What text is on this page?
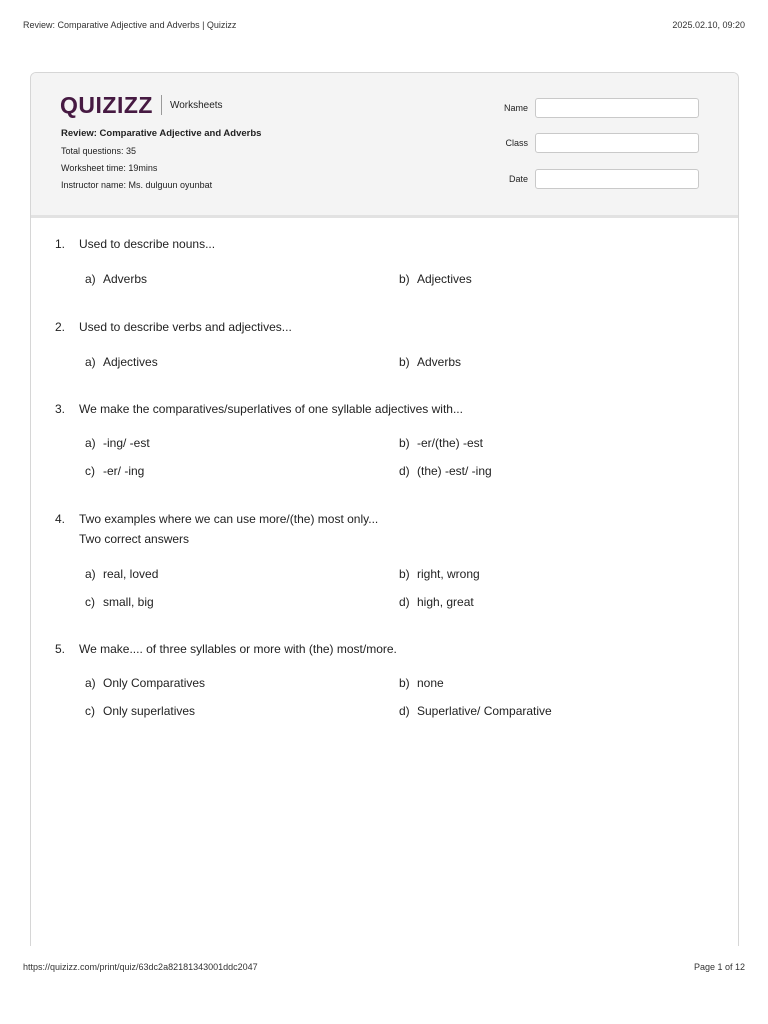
Review: Comparative Adjective and Adverbs | Quizizz	2025.02.10, 09:20
QUIZIZZ Worksheets
Review: Comparative Adjective and Adverbs
Total questions: 35
Worksheet time: 19mins
Instructor name: Ms. dulguun oyunbat
Name
Class
Date
1. Used to describe nouns...
a) Adverbs	b) Adjectives
2. Used to describe verbs and adjectives...
a) Adjectives	b) Adverbs
3. We make the comparatives/superlatives of one syllable adjectives with...
a) -ing/ -est	b) -er/(the) -est
c) -er/ -ing	d) (the) -est/ -ing
4. Two examples where we can use more/(the) most only...
Two correct answers
a) real, loved	b) right, wrong
c) small, big	d) high, great
5. We make.... of three syllables or more with (the) most/more.
a) Only Comparatives	b) none
c) Only superlatives	d) Superlative/ Comparative
https://quizizz.com/print/quiz/63dc2a82181343001ddc2047	Page 1 of 12
